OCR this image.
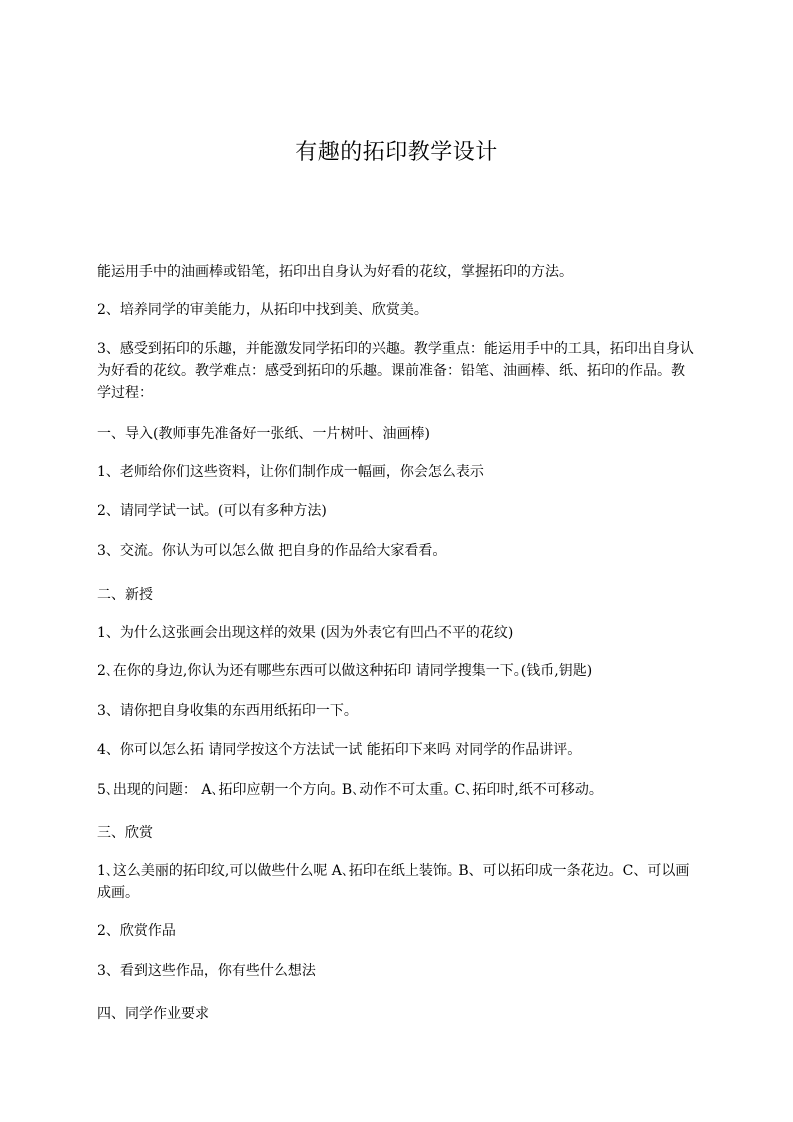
有趣的拓印教学设计

能运用手中的油画棒或铅笔，拓印出自身认为好看的花纹，掌握拓印的方法。

2、培养同学的审美能力，从拓印中找到美、欣赏美。

3、感受到拓印的乐趣，并能激发同学拓印的兴趣。教学重点：能运用手中的工具，拓印出自身认为好看的花纹。教学难点：感受到拓印的乐趣。课前准备：铅笔、油画棒、纸、拓印的作品。教学过程：

一、导入(教师事先准备好一张纸、一片树叶、油画棒)

1、老师给你们这些资料，让你们制作成一幅画，你会怎么表示

2、请同学试一试。(可以有多种方法)

3、交流。你认为可以怎么做 把自身的作品给大家看看。

二、新授

1、为什么这张画会出现这样的效果 (因为外表它有凹凸不平的花纹)

2､在你的身边,你认为还有哪些东西可以做这种拓印 请同学搜集一下｡(钱币,钥匙)

3、请你把自身收集的东西用纸拓印一下。

4、你可以怎么拓 请同学按这个方法试一试 能拓印下来吗 对同学的作品讲评。

5､出现的问题： A､拓印应朝一个方向｡ B､动作不可太重｡ C､拓印时,纸不可移动｡

三、欣赏

1､这么美丽的拓印纹,可以做些什么呢 A､拓印在纸上装饰｡ B、可以拓印成一条花边。C、可以画成画。

2、欣赏作品

3、看到这些作品，你有些什么想法

四、同学作业要求
